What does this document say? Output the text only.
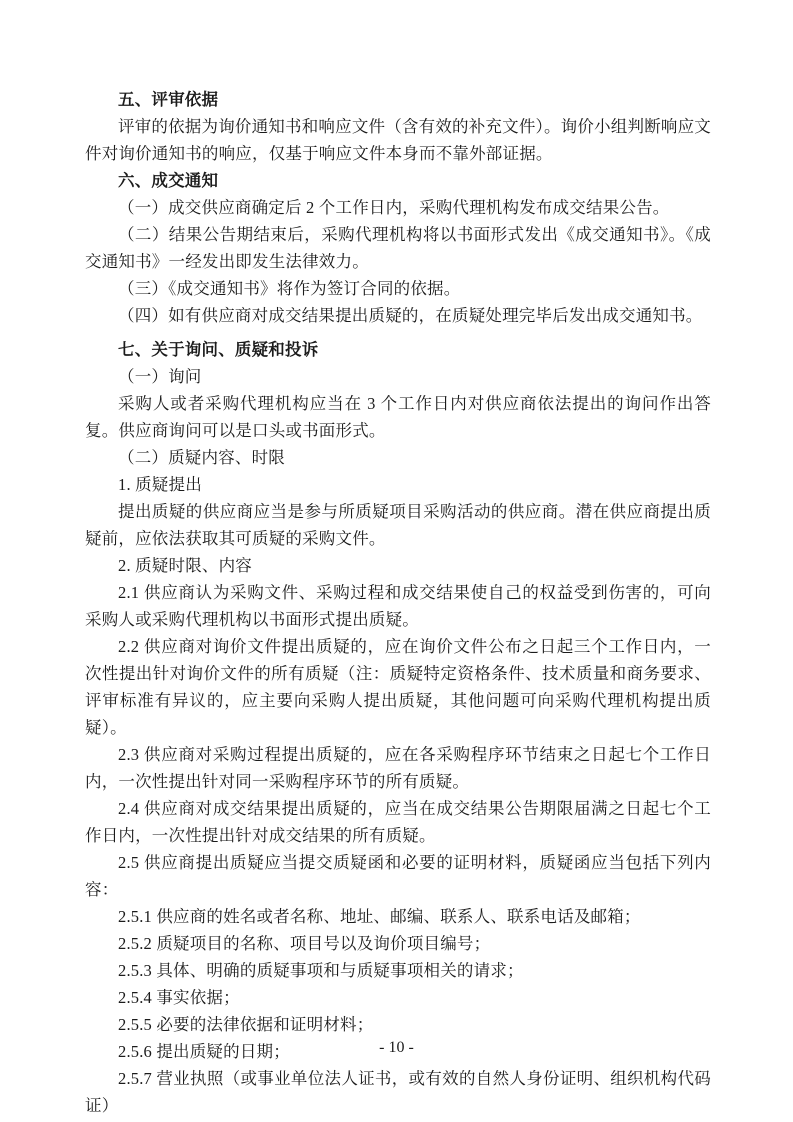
五、评审依据

评审的依据为询价通知书和响应文件（含有效的补充文件）。询价小组判断响应文件对询价通知书的响应，仅基于响应文件本身而不靠外部证据。

六、成交通知

（一）成交供应商确定后 2 个工作日内，采购代理机构发布成交结果公告。

（二）结果公告期结束后，采购代理机构将以书面形式发出《成交通知书》。《成交通知书》一经发出即发生法律效力。

（三）《成交通知书》将作为签订合同的依据。

（四）如有供应商对成交结果提出质疑的，在质疑处理完毕后发出成交通知书。

七、关于询问、质疑和投诉

（一）询问

采购人或者采购代理机构应当在 3 个工作日内对供应商依法提出的询问作出答复。供应商询问可以是口头或书面形式。

（二）质疑内容、时限

1. 质疑提出

提出质疑的供应商应当是参与所质疑项目采购活动的供应商。潜在供应商提出质疑前，应依法获取其可质疑的采购文件。

2. 质疑时限、内容

2.1 供应商认为采购文件、采购过程和成交结果使自己的权益受到伤害的，可向采购人或采购代理机构以书面形式提出质疑。

2.2 供应商对询价文件提出质疑的，应在询价文件公布之日起三个工作日内，一次性提出针对询价文件的所有质疑（注：质疑特定资格条件、技术质量和商务要求、评审标准有异议的，应主要向采购人提出质疑，其他问题可向采购代理机构提出质疑）。

2.3 供应商对采购过程提出质疑的，应在各采购程序环节结束之日起七个工作日内，一次性提出针对同一采购程序环节的所有质疑。

2.4 供应商对成交结果提出质疑的，应当在成交结果公告期限届满之日起七个工作日内，一次性提出针对成交结果的所有质疑。

2.5 供应商提出质疑应当提交质疑函和必要的证明材料，质疑函应当包括下列内容：

2.5.1 供应商的姓名或者名称、地址、邮编、联系人、联系电话及邮箱；

2.5.2 质疑项目的名称、项目号以及询价项目编号；

2.5.3 具体、明确的质疑事项和与质疑事项相关的请求；

2.5.4 事实依据；

2.5.5 必要的法律依据和证明材料；

2.5.6 提出质疑的日期；

2.5.7 营业执照（或事业单位法人证书，或有效的自然人身份证明、组织机构代码证）

- 10 -
